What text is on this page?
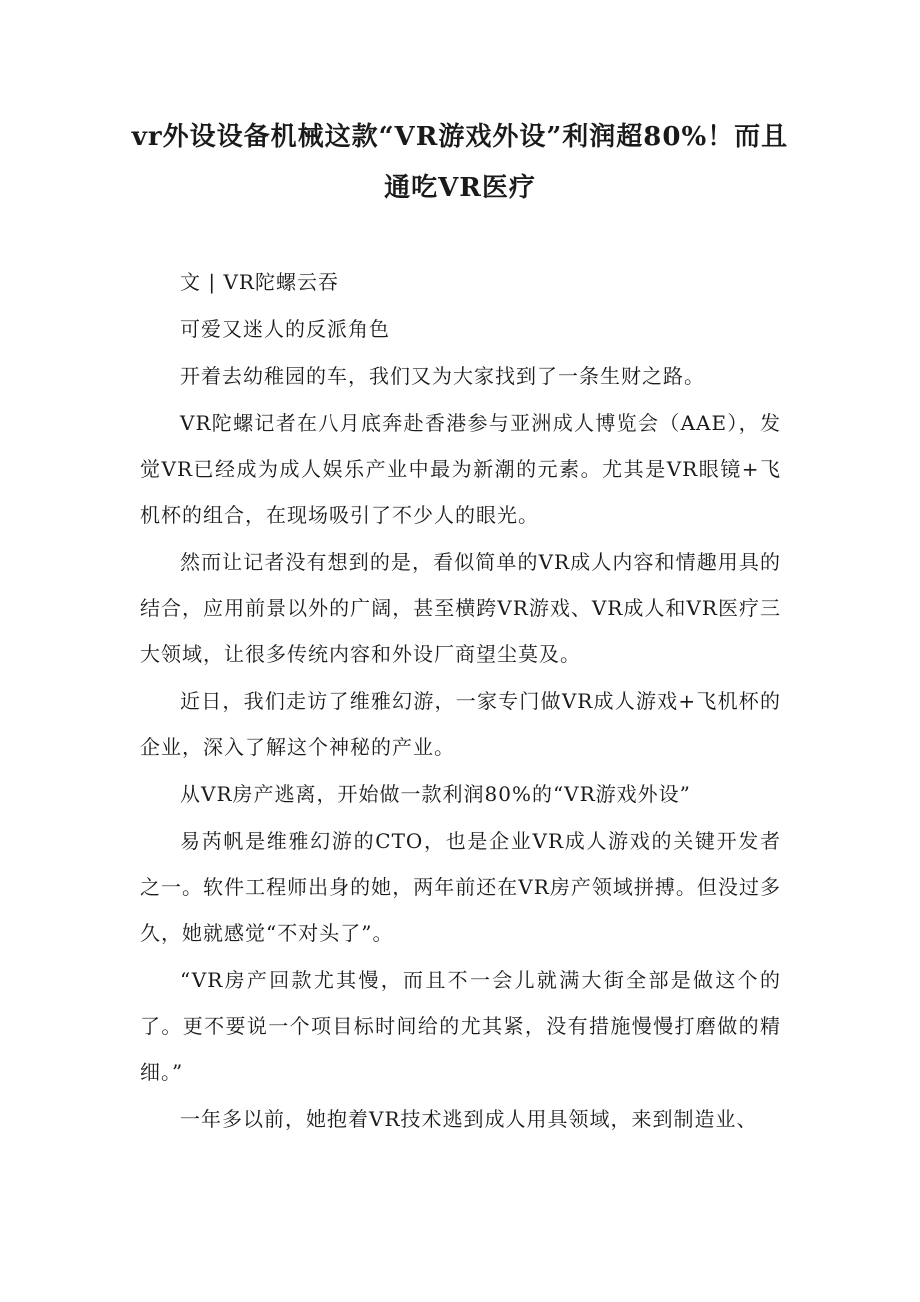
vr外设设备机械这款“VR游戏外设”利润超80%！而且通吃VR医疗

文 | VR陀螺云吞

可爱又迷人的反派角色

开着去幼稚园的车，我们又为大家找到了一条生财之路。

VR陀螺记者在八月底奔赴香港参与亚洲成人博览会（AAE），发觉VR已经成为成人娱乐产业中最为新潮的元素。尤其是VR眼镜+飞机杯的组合，在现场吸引了不少人的眼光。

然而让记者没有想到的是，看似简单的VR成人内容和情趣用具的结合，应用前景以外的广阔，甚至横跨VR游戏、VR成人和VR医疗三大领域，让很多传统内容和外设厂商望尘莫及。

近日，我们走访了维雅幻游，一家专门做VR成人游戏+飞机杯的企业，深入了解这个神秘的产业。

从VR房产逃离，开始做一款利润80%的“VR游戏外设”

易芮帆是维雅幻游的CTO，也是企业VR成人游戏的关键开发者之一。软件工程师出身的她，两年前还在VR房产领域拼搏。但没过多久，她就感觉“不对头了”。

“VR房产回款尤其慢，而且不一会儿就满大街全部是做这个的了。更不要说一个项目标时间给的尤其紧，没有措施慢慢打磨做的精细。”

一年多以前，她抱着VR技术逃到成人用具领域，来到制造业、
